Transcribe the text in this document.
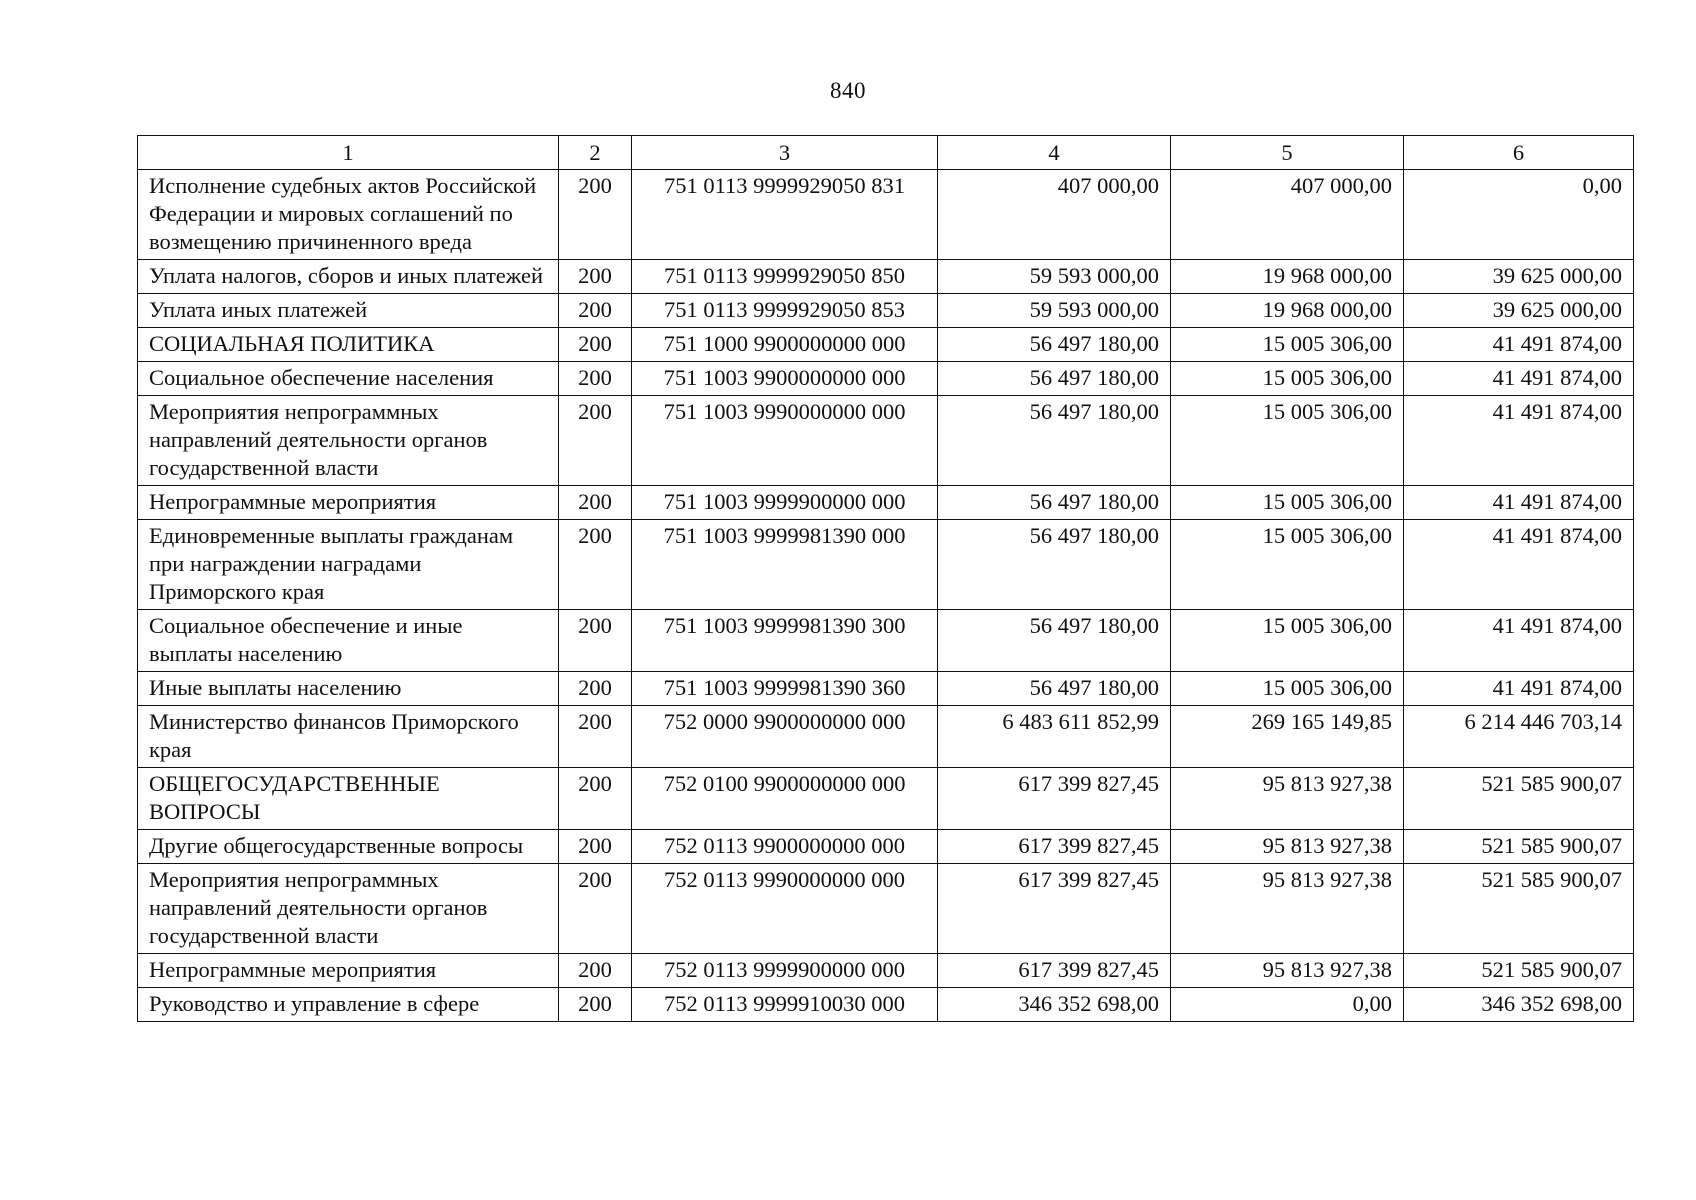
840
1	2	3	4	5	6
Исполнение судебных актов Российской Федерации и мировых соглашений по возмещению причиненного вреда	200	751 0113 9999929050 831	407 000,00	407 000,00	0,00
Уплата налогов, сборов и иных платежей	200	751 0113 9999929050 850	59 593 000,00	19 968 000,00	39 625 000,00
Уплата иных платежей	200	751 0113 9999929050 853	59 593 000,00	19 968 000,00	39 625 000,00
СОЦИАЛЬНАЯ ПОЛИТИКА	200	751 1000 9900000000 000	56 497 180,00	15 005 306,00	41 491 874,00
Социальное обеспечение населения	200	751 1003 9900000000 000	56 497 180,00	15 005 306,00	41 491 874,00
Мероприятия непрограммных направлений деятельности органов государственной власти	200	751 1003 9990000000 000	56 497 180,00	15 005 306,00	41 491 874,00
Непрограммные мероприятия	200	751 1003 9999900000 000	56 497 180,00	15 005 306,00	41 491 874,00
Единовременные выплаты гражданам при награждении наградами Приморского края	200	751 1003 9999981390 000	56 497 180,00	15 005 306,00	41 491 874,00
Социальное обеспечение и иные выплаты населению	200	751 1003 9999981390 300	56 497 180,00	15 005 306,00	41 491 874,00
Иные выплаты населению	200	751 1003 9999981390 360	56 497 180,00	15 005 306,00	41 491 874,00
Министерство финансов Приморского края	200	752 0000 9900000000 000	6 483 611 852,99	269 165 149,85	6 214 446 703,14
ОБЩЕГОСУДАРСТВЕННЫЕ ВОПРОСЫ	200	752 0100 9900000000 000	617 399 827,45	95 813 927,38	521 585 900,07
Другие общегосударственные вопросы	200	752 0113 9900000000 000	617 399 827,45	95 813 927,38	521 585 900,07
Мероприятия непрограммных направлений деятельности органов государственной власти	200	752 0113 9990000000 000	617 399 827,45	95 813 927,38	521 585 900,07
Непрограммные мероприятия	200	752 0113 9999900000 000	617 399 827,45	95 813 927,38	521 585 900,07
Руководство и управление в сфере	200	752 0113 9999910030 000	346 352 698,00	0,00	346 352 698,00
